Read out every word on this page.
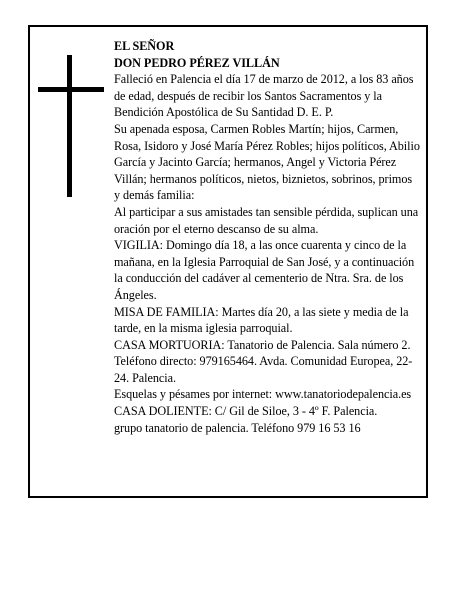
EL SEÑOR

DON PEDRO PÉREZ VILLÁN

Falleció en Palencia el día 17 de marzo de 2012, a los 83 años de edad, después de recibir los Santos Sacramentos y la Bendición Apostólica de Su Santidad D. E. P.

Su apenada esposa, Carmen Robles Martín; hijos, Carmen, Rosa, Isidoro y José María Pérez Robles; hijos políticos, Abilio García y Jacinto García; hermanos, Angel y Victoria Pérez Villán; hermanos políticos, nietos, biznietos, sobrinos, primos y demás familia:

Al participar a sus amistades tan sensible pérdida, suplican una oración por el eterno descanso de su alma.

VIGILIA: Domingo día 18, a las once cuarenta y cinco de la mañana, en la Iglesia Parroquial de San José, y a continuación la conducción del cadáver al cementerio de Ntra. Sra. de los Ángeles.

MISA DE FAMILIA: Martes día 20, a las siete y media de la tarde, en la misma iglesia parroquial.

CASA MORTUORIA: Tanatorio de Palencia. Sala número 2. Teléfono directo: 979165464. Avda. Comunidad Europea, 22-24. Palencia.

Esquelas y pésames por internet: www.tanatoriodepalencia.es

CASA DOLIENTE: C/ Gil de Siloe, 3 - 4º F. Palencia.

grupo tanatorio de palencia. Teléfono 979 16 53 16
